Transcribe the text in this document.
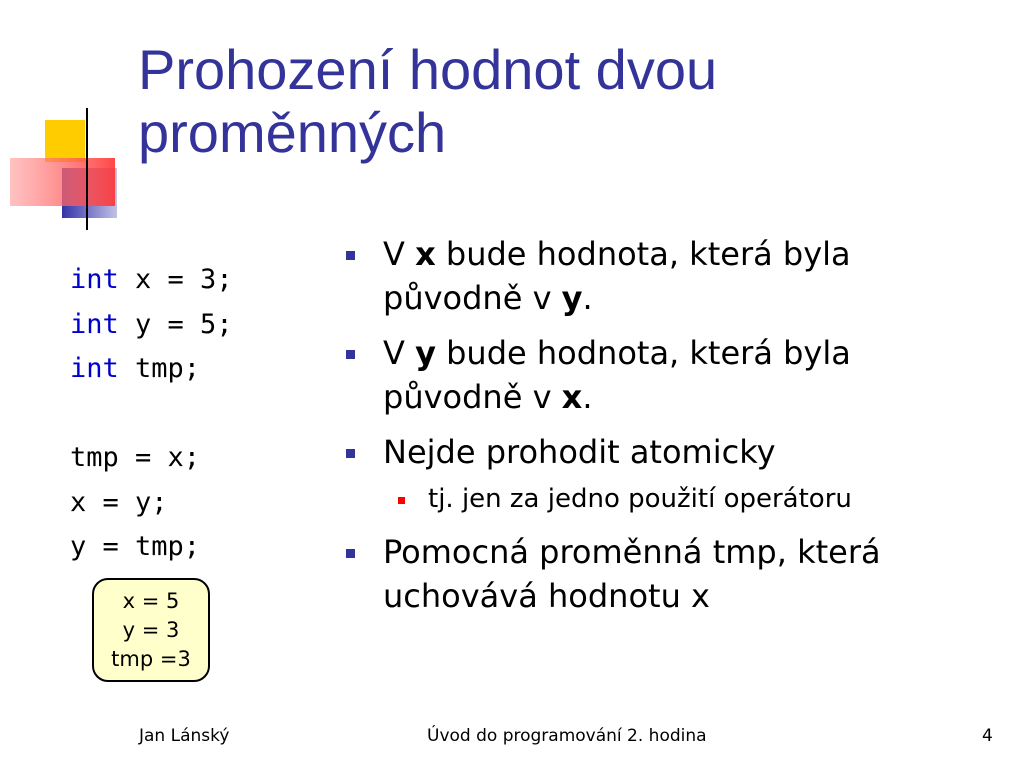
Prohození hodnot dvou proměnných
int x = 3;
int y = 5;
int tmp;

tmp = x;
x = y;
y = tmp;
x = 5
y = 3
tmp =3
V x bude hodnota, která byla původně v y.
V y bude hodnota, která byla původně v x.
Nejde prohodit atomicky
tj. jen za jedno použití operátoru
Pomocná proměnná tmp, která uchovává hodnotu x
Jan Lánský	Úvod do programování 2. hodina	4
